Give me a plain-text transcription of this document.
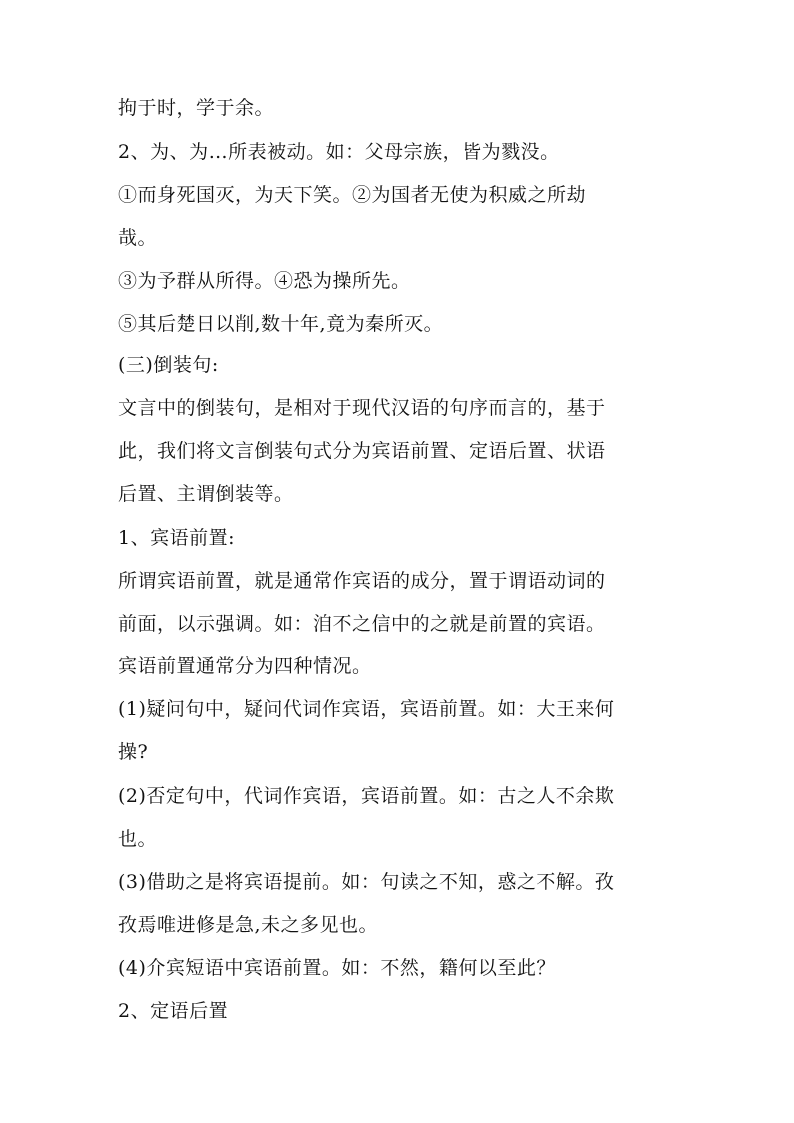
拘于时，学于余。
2、为、为…所表被动。如：父母宗族，皆为戮没。
①而身死国灭，为天下笑。②为国者无使为积威之所劫
哉。
③为予群从所得。④恐为操所先。
⑤其后楚日以削,数十年,竟为秦所灭。
(三)倒装句:
文言中的倒装句，是相对于现代汉语的句序而言的，基于
此，我们将文言倒装句式分为宾语前置、定语后置、状语
后置、主谓倒装等。
1、宾语前置:
所谓宾语前置，就是通常作宾语的成分，置于谓语动词的
前面，以示强调。如：洎不之信中的之就是前置的宾语。
宾语前置通常分为四种情况。
(1)疑问句中，疑问代词作宾语，宾语前置。如：大王来何
操?
(2)否定句中，代词作宾语，宾语前置。如：古之人不余欺
也。
(3)借助之是将宾语提前。如：句读之不知，惑之不解。孜
孜焉唯进修是急,未之多见也。
(4)介宾短语中宾语前置。如：不然，籍何以至此？
2、定语后置
